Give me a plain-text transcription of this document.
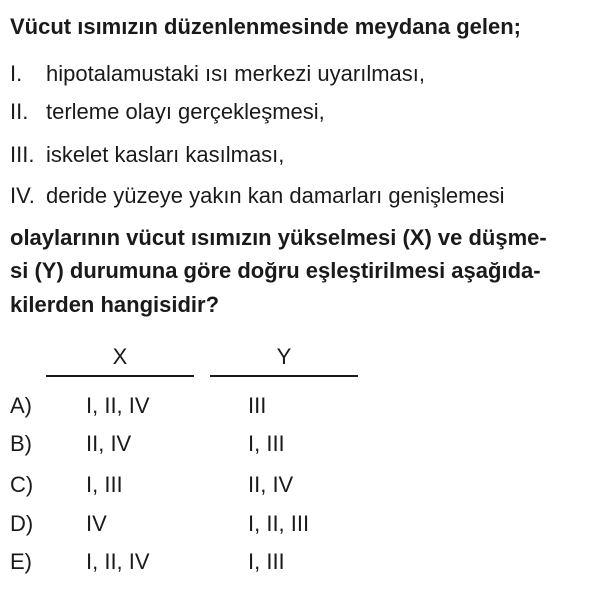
Vücut ısımızın düzenlenmesinde meydana gelen;
I. hipotalamustaki ısı merkezi uyarılması,
II. terleme olayı gerçekleşmesi,
III. iskelet kasları kasılması,
IV. deride yüzeye yakın kan damarları genişlemesi
olaylarının vücut ısımızın yükselmesi (X) ve düşme-
si (Y) durumuna göre doğru eşleştirilmesi aşağıda-
kilerden hangisidir?
X	Y
A) I, II, IV	III
B) II, IV	I, III
C) I, III	II, IV
D) IV	I, II, III
E) I, II, IV	I, III
